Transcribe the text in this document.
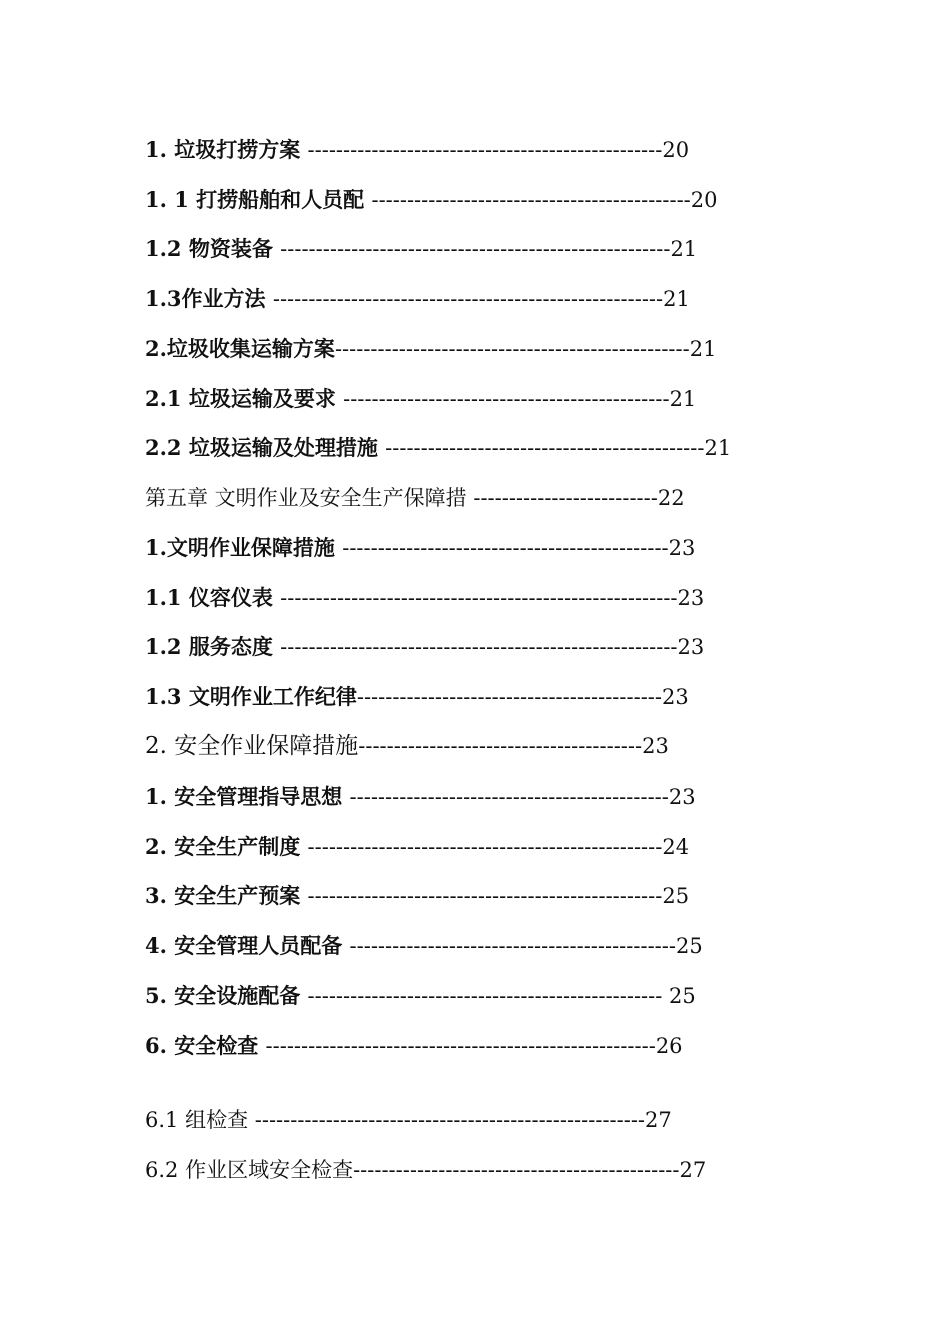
1. 垃圾打捞方案 --------------------------------------------------20
1. 1 打捞船舶和人员配 ---------------------------------------------20
1.2 物资装备 -------------------------------------------------------21
1.3作业方法 -------------------------------------------------------21
2.垃圾收集运输方案--------------------------------------------------21
2.1 垃圾运输及要求 ----------------------------------------------21
2.2 垃圾运输及处理措施 ---------------------------------------------21
第五章 文明作业及安全生产保障措 --------------------------22
1.文明作业保障措施 ----------------------------------------------23
1.1 仪容仪表 --------------------------------------------------------23
1.2 服务态度 --------------------------------------------------------23
1.3 文明作业工作纪律-------------------------------------------23
2. 安全作业保障措施----------------------------------------23
1. 安全管理指导思想 ---------------------------------------------23
2. 安全生产制度 --------------------------------------------------24
3. 安全生产预案 --------------------------------------------------25
4. 安全管理人员配备 ----------------------------------------------25
5. 安全设施配备 -------------------------------------------------- 25
6. 安全检查 -------------------------------------------------------26
6.1 组检查 -------------------------------------------------------27
6.2 作业区域安全检查----------------------------------------------27
